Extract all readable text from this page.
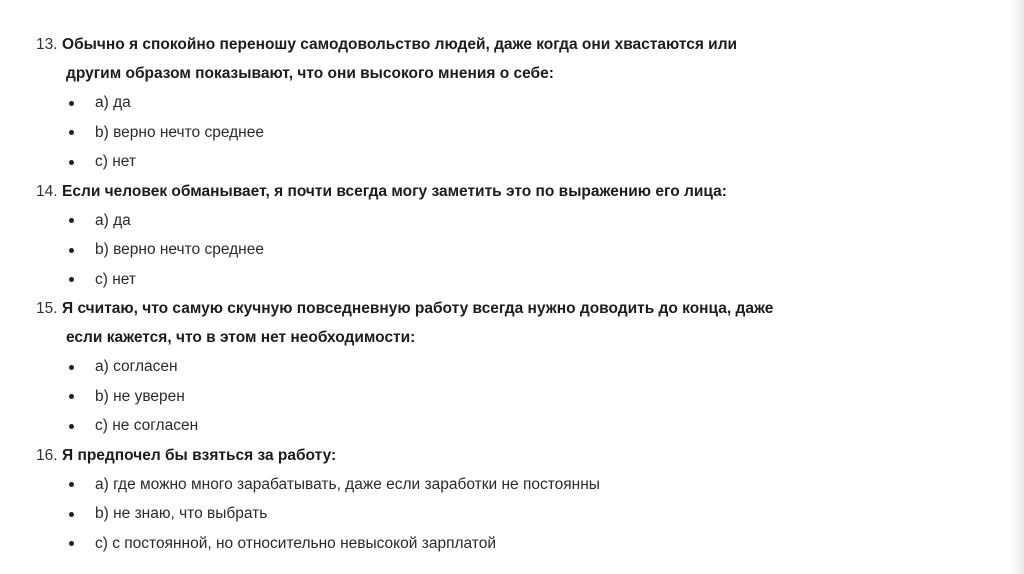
13. Обычно я спокойно переношу самодовольство людей, даже когда они хвастаются или
другим образом показывают, что они высокого мнения о себе:
a) да
b) верно нечто среднее
c) нет
14. Если человек обманывает, я почти всегда могу заметить это по выражению его лица:
a) да
b) верно нечто среднее
c) нет
15. Я считаю, что самую скучную повседневную работу всегда нужно доводить до конца, даже
если кажется, что в этом нет необходимости:
a) согласен
b) не уверен
c) не согласен
16. Я предпочел бы взяться за работу:
a) где можно много зарабатывать, даже если заработки не постоянны
b) не знаю, что выбрать
c) с постоянной, но относительно невысокой зарплатой
